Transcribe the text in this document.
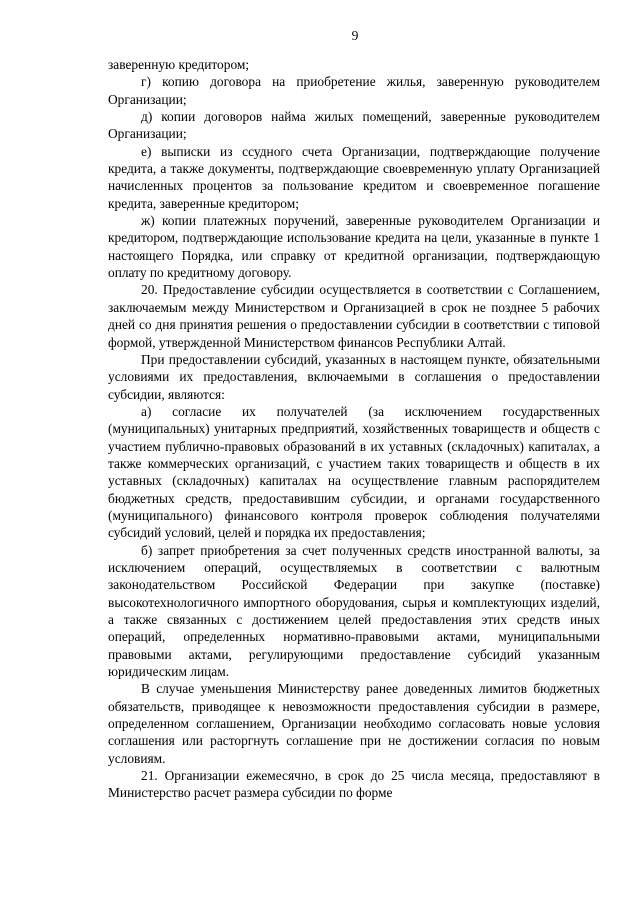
9

заверенную кредитором;

г) копию договора на приобретение жилья, заверенную руководителем Организации;

д) копии договоров найма жилых помещений, заверенные руководителем Организации;

е) выписки из ссудного счета Организации, подтверждающие получение кредита, а также документы, подтверждающие своевременную уплату Организацией начисленных процентов за пользование кредитом и своевременное погашение кредита, заверенные кредитором;

ж) копии платежных поручений, заверенные руководителем Организации и кредитором, подтверждающие использование кредита на цели, указанные в пункте 1 настоящего Порядка, или справку от кредитной организации, подтверждающую оплату по кредитному договору.

20. Предоставление субсидии осуществляется в соответствии с Соглашением, заключаемым между Министерством и Организацией в срок не позднее 5 рабочих дней со дня принятия решения о предоставлении субсидии в соответствии с типовой формой, утвержденной Министерством финансов Республики Алтай.

При предоставлении субсидий, указанных в настоящем пункте, обязательными условиями их предоставления, включаемыми в соглашения о предоставлении субсидии, являются:

а) согласие их получателей (за исключением государственных (муниципальных) унитарных предприятий, хозяйственных товариществ и обществ с участием публично-правовых образований в их уставных (складочных) капиталах, а также коммерческих организаций, с участием таких товариществ и обществ в их уставных (складочных) капиталах на осуществление главным распорядителем бюджетных средств, предоставившим субсидии, и органами государственного (муниципального) финансового контроля проверок соблюдения получателями субсидий условий, целей и порядка их предоставления;

б) запрет приобретения за счет полученных средств иностранной валюты, за исключением операций, осуществляемых в соответствии с валютным законодательством Российской Федерации при закупке (поставке) высокотехнологичного импортного оборудования, сырья и комплектующих изделий, а также связанных с достижением целей предоставления этих средств иных операций, определенных нормативно-правовыми актами, муниципальными правовыми актами, регулирующими предоставление субсидий указанным юридическим лицам.

В случае уменьшения Министерству ранее доведенных лимитов бюджетных обязательств, приводящее к невозможности предоставления субсидии в размере, определенном соглашением, Организации необходимо согласовать новые условия соглашения или расторгнуть соглашение при не достижении согласия по новым условиям.

21. Организации ежемесячно, в срок до 25 числа месяца, предоставляют в Министерство расчет размера субсидии по форме
